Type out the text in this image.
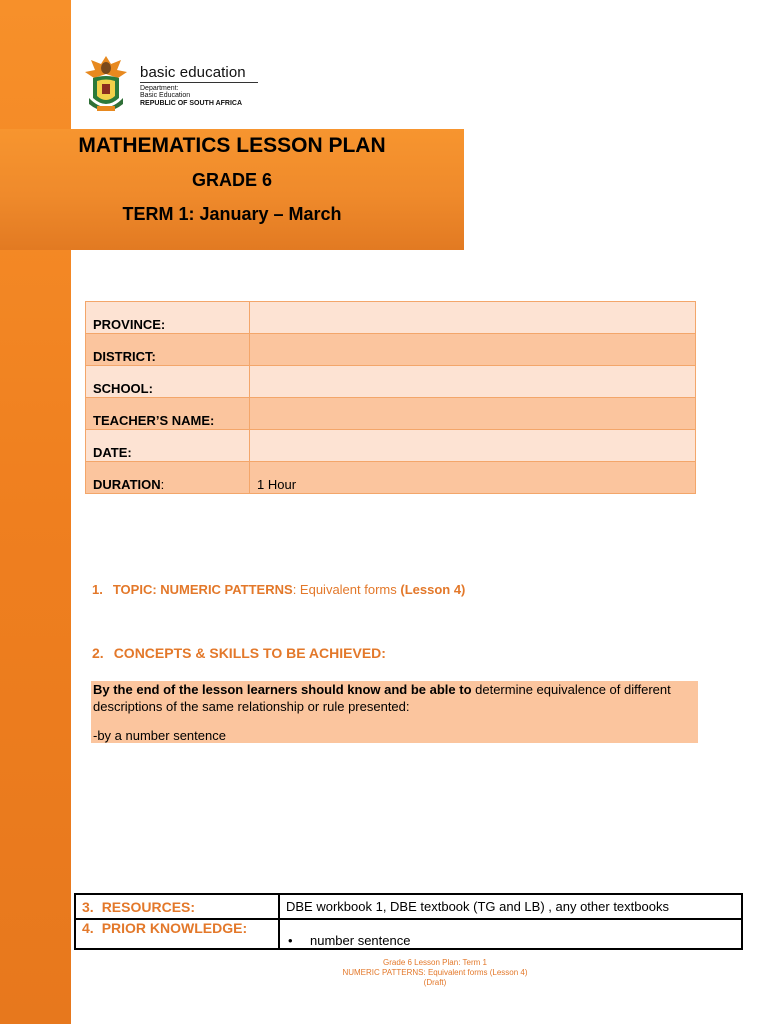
basic education
Department:
Basic Education
REPUBLIC OF SOUTH AFRICA
MATHEMATICS LESSON PLAN
GRADE 6
TERM 1: January – March
PROVINCE:	
DISTRICT:	
SCHOOL:	
TEACHER’S NAME:	
DATE:	
DURATION:	1 Hour
1. TOPIC: NUMERIC PATTERNS: Equivalent forms (Lesson 4)
2. CONCEPTS & SKILLS TO BE ACHIEVED:
By the end of the lesson learners should know and be able to determine equivalence of different descriptions of the same relationship or rule presented:
-by a number sentence
3. RESOURCES:	DBE workbook 1, DBE textbook (TG and LB) , any other textbooks
4. PRIOR KNOWLEDGE:	• number sentence
Grade 6 Lesson Plan: Term 1
NUMERIC PATTERNS: Equivalent forms (Lesson 4)
(Draft)
